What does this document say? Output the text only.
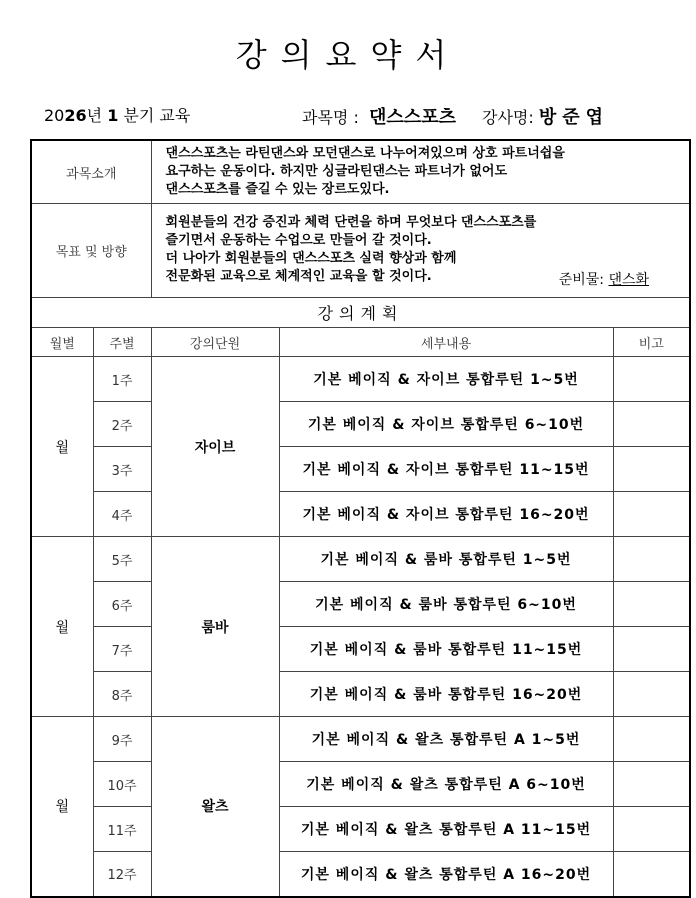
강의요약서
2026년 1 분기 교육	과목명 : 댄스스포츠 강사명: 방준엽
과목소개		댄스스포츠는 라틴댄스와 모던댄스로 나누어져있으며 상호 파트너쉽을

요구하는 운동이다. 하지만 싱글라틴댄스는 파트너가 없어도

댄스스포츠를 즐길 수 있는 장르도있다.		

목표 및 방향		회원분들의 건강 증진과 체력 단련을 하며 무엇보다 댄스스포츠를

즐기면서 운동하는 수업으로 만들어 갈 것이다.

더 나아가 회원분들의 댄스스포츠 실력 향상과 함께

전문화된 교육으로 체계적인 교육을 할 것이다. 준비물: 댄스화		

강의계획				
월별	주별	강의단원	세부내용	비고
월	1주	자이브	기본 베이직 & 자이브 통합루틴 1~5번	
	2주		기본 베이직 & 자이브 통합루틴 6~10번	
	3주		기본 베이직 & 자이브 통합루틴 11~15번	
	4주		기본 베이직 & 자이브 통합루틴 16~20번	
월	5주	룸바	기본 베이직 & 룸바 통합루틴 1~5번	
	6주		기본 베이직 & 룸바 통합루틴 6~10번	
	7주		기본 베이직 & 룸바 통합루틴 11~15번	
	8주		기본 베이직 & 룸바 통합루틴 16~20번	
월	9주	왈츠	기본 베이직 & 왈츠 통합루틴 A 1~5번	
	10주		기본 베이직 & 왈츠 통합루틴 A 6~10번	
	11주		기본 베이직 & 왈츠 통합루틴 A 11~15번	
	12주		기본 베이직 & 왈츠 통합루틴 A 16~20번	
